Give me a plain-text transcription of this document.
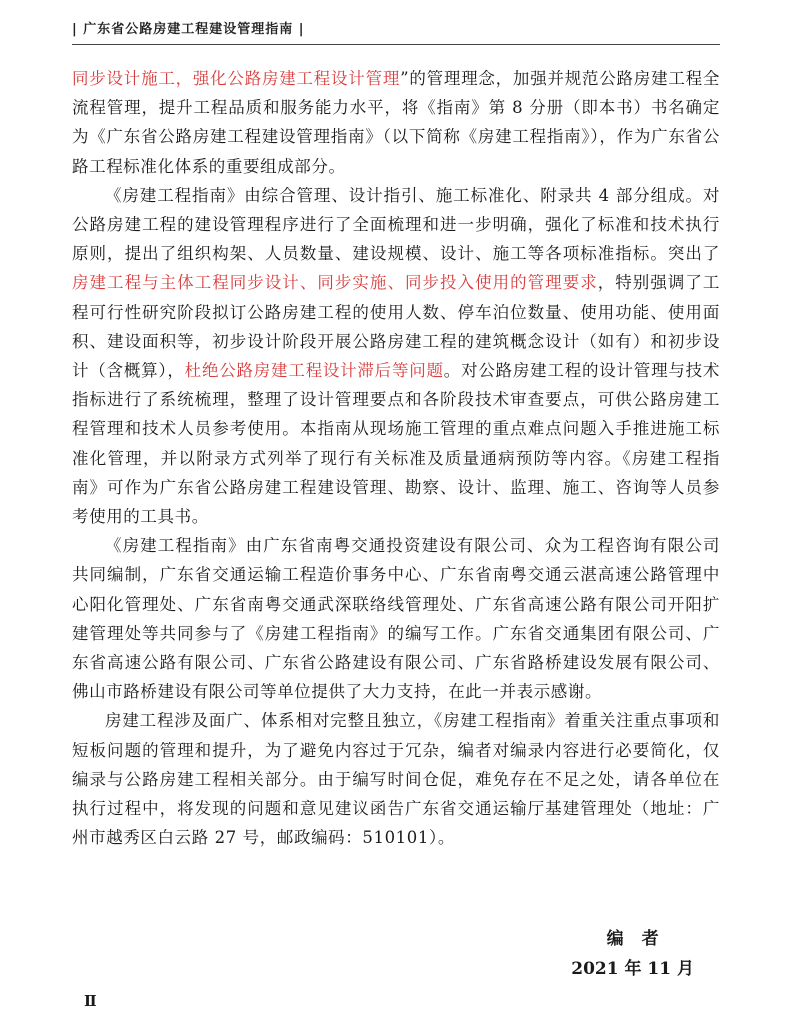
| 广东省公路房建工程建设管理指南 |

同步设计施工，强化公路房建工程设计管理”的管理理念，加强并规范公路房建工程全流程管理，提升工程品质和服务能力水平，将《指南》第 8 分册（即本书）书名确定为《广东省公路房建工程建设管理指南》（以下简称《房建工程指南》），作为广东省公路工程标准化体系的重要组成部分。

《房建工程指南》由综合管理、设计指引、施工标准化、附录共 4 部分组成。对公路房建工程的建设管理程序进行了全面梳理和进一步明确，强化了标准和技术执行原则，提出了组织构架、人员数量、建设规模、设计、施工等各项标准指标。突出了房建工程与主体工程同步设计、同步实施、同步投入使用的管理要求，特别强调了工程可行性研究阶段拟订公路房建工程的使用人数、停车泊位数量、使用功能、使用面积、建设面积等，初步设计阶段开展公路房建工程的建筑概念设计（如有）和初步设计（含概算），杜绝公路房建工程设计滞后等问题。对公路房建工程的设计管理与技术指标进行了系统梳理，整理了设计管理要点和各阶段技术审查要点，可供公路房建工程管理和技术人员参考使用。本指南从现场施工管理的重点难点问题入手推进施工标准化管理，并以附录方式列举了现行有关标准及质量通病预防等内容。《房建工程指南》可作为广东省公路房建工程建设管理、勘察、设计、监理、施工、咨询等人员参考使用的工具书。

《房建工程指南》由广东省南粤交通投资建设有限公司、众为工程咨询有限公司共同编制，广东省交通运输工程造价事务中心、广东省南粤交通云湛高速公路管理中心阳化管理处、广东省南粤交通武深联络线管理处、广东省高速公路有限公司开阳扩建管理处等共同参与了《房建工程指南》的编写工作。广东省交通集团有限公司、广东省高速公路有限公司、广东省公路建设有限公司、广东省路桥建设发展有限公司、佛山市路桥建设有限公司等单位提供了大力支持，在此一并表示感谢。

房建工程涉及面广、体系相对完整且独立，《房建工程指南》着重关注重点事项和短板问题的管理和提升，为了避免内容过于冗杂，编者对编录内容进行必要简化，仅编录与公路房建工程相关部分。由于编写时间仓促，难免存在不足之处，请各单位在执行过程中，将发现的问题和意见建议函告广东省交通运输厅基建管理处（地址：广州市越秀区白云路 27 号，邮政编码：510101）。

编者
2021 年 11 月
Ⅱ
